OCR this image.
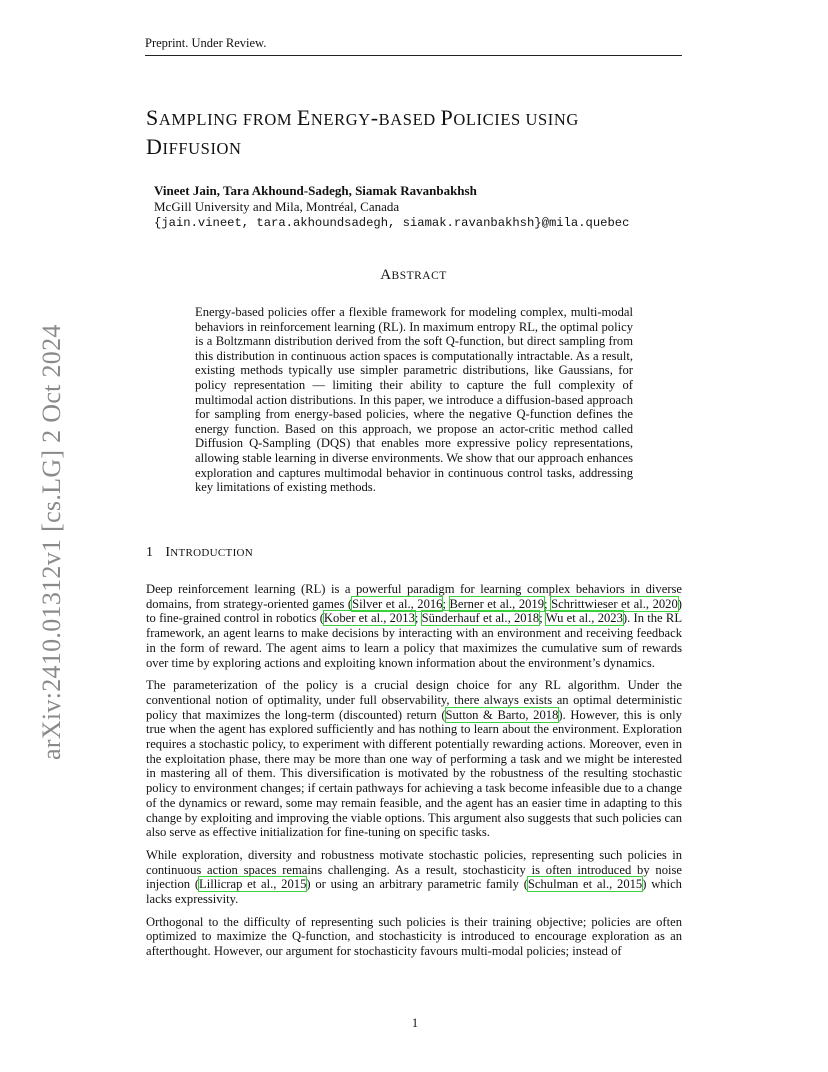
Preprint. Under Review.
SAMPLING FROM ENERGY-BASED POLICIES USING
DIFFUSION
Vineet Jain, Tara Akhound-Sadegh, Siamak Ravanbakhsh
McGill University and Mila, Montréal, Canada
{jain.vineet, tara.akhoundsadegh, siamak.ravanbakhsh}@mila.quebec
ABSTRACT
Energy-based policies offer a flexible framework for modeling complex, multi-modal behaviors in reinforcement learning (RL). In maximum entropy RL, the optimal policy is a Boltzmann distribution derived from the soft Q-function, but direct sampling from this distribution in continuous action spaces is computationally intractable. As a result, existing methods typically use simpler parametric distributions, like Gaussians, for policy representation — limiting their ability to capture the full complexity of multimodal action distributions. In this paper, we introduce a diffusion-based approach for sampling from energy-based policies, where the negative Q-function defines the energy function. Based on this approach, we propose an actor-critic method called Diffusion Q-Sampling (DQS) that enables more expressive policy representations, allowing stable learning in diverse environments. We show that our approach enhances exploration and captures multimodal behavior in continuous control tasks, addressing key limitations of existing methods.
1 INTRODUCTION

Deep reinforcement learning (RL) is a powerful paradigm for learning complex behaviors in diverse domains, from strategy-oriented games (Silver et al., 2016; Berner et al., 2019; Schrittwieser et al., 2020) to fine-grained control in robotics (Kober et al., 2013; Sünderhauf et al., 2018; Wu et al., 2023). In the RL framework, an agent learns to make decisions by interacting with an environment and receiving feedback in the form of reward. The agent aims to learn a policy that maximizes the cumulative sum of rewards over time by exploring actions and exploiting known information about the environment’s dynamics.

The parameterization of the policy is a crucial design choice for any RL algorithm. Under the conventional notion of optimality, under full observability, there always exists an optimal deterministic policy that maximizes the long-term (discounted) return (Sutton & Barto, 2018). However, this is only true when the agent has explored sufficiently and has nothing to learn about the environment. Exploration requires a stochastic policy, to experiment with different potentially rewarding actions. Moreover, even in the exploitation phase, there may be more than one way of performing a task and we might be interested in mastering all of them. This diversification is motivated by the robustness of the resulting stochastic policy to environment changes; if certain pathways for achieving a task become infeasible due to a change of the dynamics or reward, some may remain feasible, and the agent has an easier time in adapting to this change by exploiting and improving the viable options. This argument also suggests that such policies can also serve as effective initialization for fine-tuning on specific tasks.

While exploration, diversity and robustness motivate stochastic policies, representing such policies in continuous action spaces remains challenging. As a result, stochasticity is often introduced by noise injection (Lillicrap et al., 2015) or using an arbitrary parametric family (Schulman et al., 2015) which lacks expressivity.

Orthogonal to the difficulty of representing such policies is their training objective; policies are often optimized to maximize the Q-function, and stochasticity is introduced to encourage exploration as an afterthought. However, our argument for stochasticity favours multi-modal policies; instead of

1
arXiv:2410.01312v1 [cs.LG] 2 Oct 2024
